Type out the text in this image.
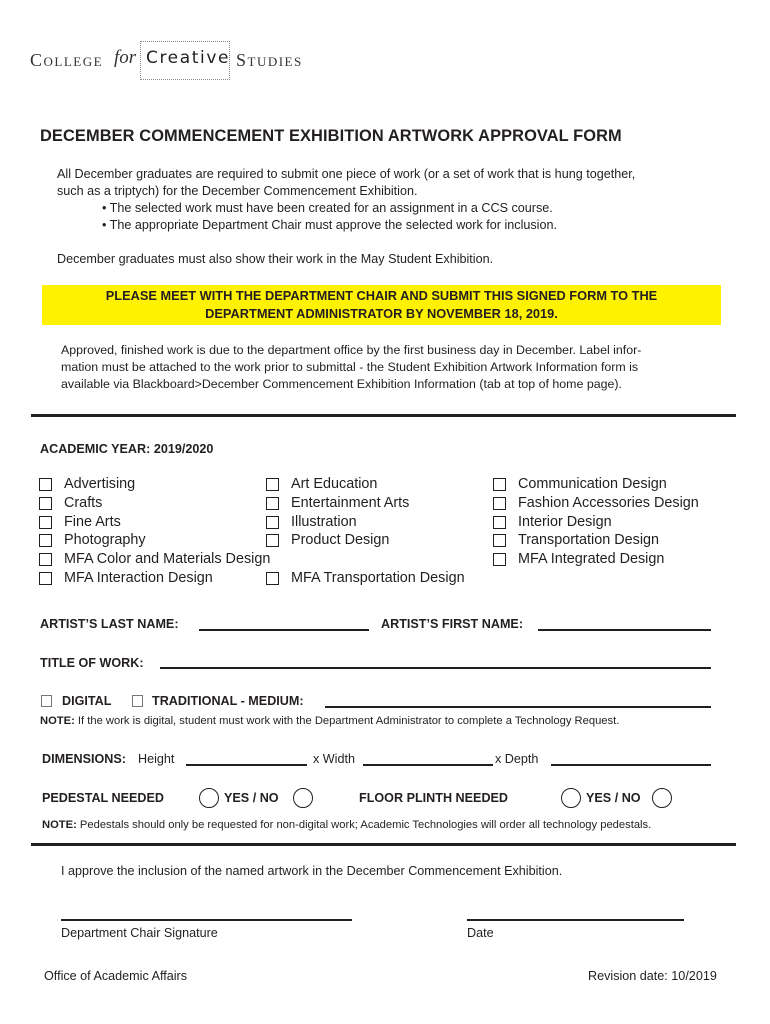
College for Creative Studies
DECEMBER COMMENCEMENT EXHIBITION ARTWORK APPROVAL FORM
All December graduates are required to submit one piece of work (or a set of work that is hung together,
such as a triptych) for the December Commencement Exhibition.
• The selected work must have been created for an assignment in a CCS course.
• The appropriate Department Chair must approve the selected work for inclusion.
December graduates must also show their work in the May Student Exhibition.
PLEASE MEET WITH THE DEPARTMENT CHAIR AND SUBMIT THIS SIGNED FORM TO THE
DEPARTMENT ADMINISTRATOR BY NOVEMBER 18, 2019.
Approved, finished work is due to the department office by the first business day in December. Label infor-
mation must be attached to the work prior to submittal - the Student Exhibition Artwork Information form is
available via Blackboard>December Commencement Exhibition Information (tab at top of home page).
ACADEMIC YEAR: 2019/2020
Advertising
Crafts
Fine Arts
Photography
MFA Color and Materials Design
MFA Interaction Design
Art Education
Entertainment Arts
Illustration
Product Design
MFA Transportation Design
Communication Design
Fashion Accessories Design
Interior Design
Transportation Design
MFA Integrated Design
ARTIST’S LAST NAME:	ARTIST’S FIRST NAME:
TITLE OF WORK:
DIGITAL	TRADITIONAL - MEDIUM:
NOTE: If the work is digital, student must work with the Department Administrator to complete a Technology Request.
DIMENSIONS: Height	x Width	x Depth
PEDESTAL NEEDED	YES / NO	FLOOR PLINTH NEEDED	YES / NO
NOTE: Pedestals should only be requested for non-digital work; Academic Technologies will order all technology pedestals.
I approve the inclusion of the named artwork in the December Commencement Exhibition.
Department Chair Signature	Date
Office of Academic Affairs	Revision date: 10/2019
